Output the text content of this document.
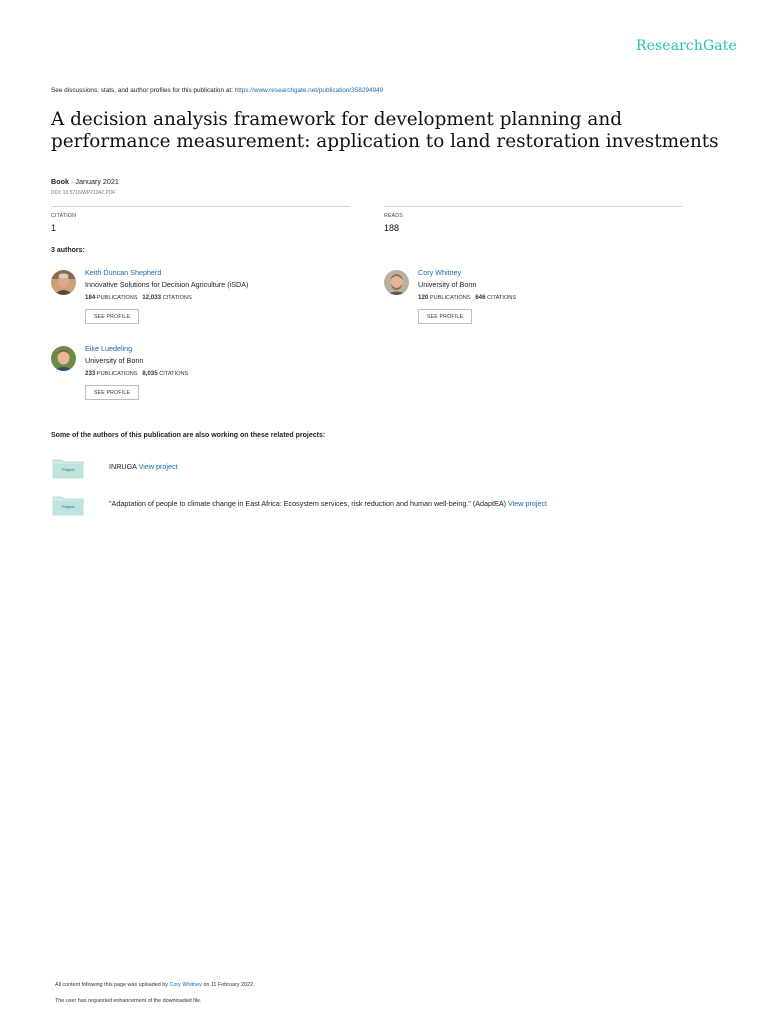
ResearchGate
See discussions, stats, and author profiles for this publication at: https://www.researchgate.net/publication/358294949
A decision analysis framework for development planning and performance measurement: application to land restoration investments
Book · January 2021
DOI: 10.5716/WP21042.PDF
CITATION
1
READS
188
3 authors:
Keith Duncan Shepherd
Innovative Solutions for Decision Agriculture (iSDA)
184 PUBLICATIONS 12,033 CITATIONS
SEE PROFILE
Cory Whitney
University of Bonn
120 PUBLICATIONS 646 CITATIONS
SEE PROFILE
Eike Luedeling
University of Bonn
233 PUBLICATIONS 8,035 CITATIONS
SEE PROFILE
Some of the authors of this publication are also working on these related projects:
Project	INRUGA View project
Project	"Adaptation of people to climate change in East Africa: Ecosystem services, risk reduction and human well-being." (AdaptEA) View project
All content following this page was uploaded by Cory Whitney on 11 February 2022.
The user has requested enhancement of the downloaded file.
